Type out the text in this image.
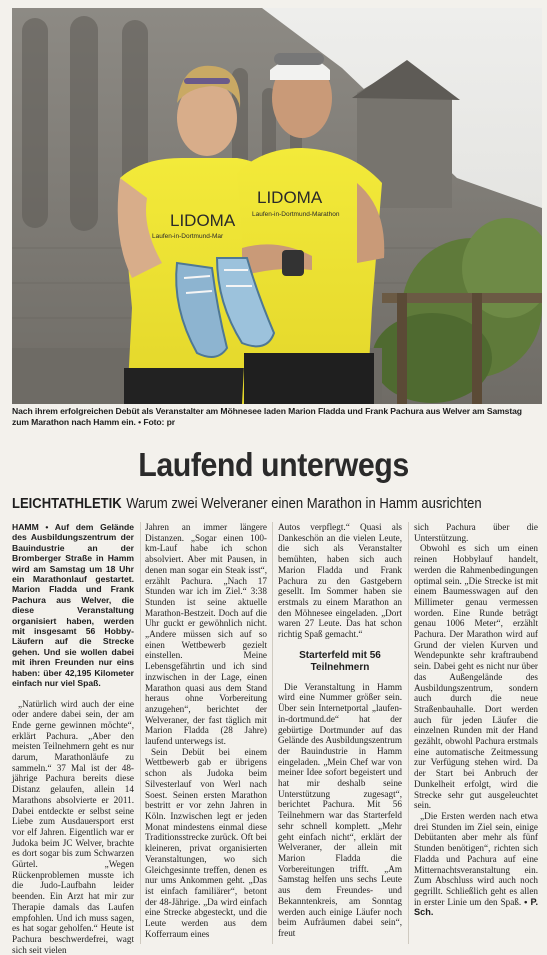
LIDOMA
Laufen-in-Dortmund-Mar
LIDOMA
Laufen-in-Dortmund-Marathon
Nach ihrem erfolgreichen Debüt als Veranstalter am Möhnesee laden Marion Fladda und Frank Pachura aus Welver am Samstag zum Marathon nach Hamm ein. • Foto: pr
Laufend unterwegs
LEICHTATHLETIK Warum zwei Welveraner einen Marathon in Hamm ausrichten

HAMM • Auf dem Gelände des Ausbildungszentrum der Bauindustrie an der Bromberger Straße in Hamm wird am Samstag um 18 Uhr ein Marathonlauf gestartet. Marion Fladda und Frank Pachura aus Welver, die diese Veranstaltung organisiert haben, werden mit insgesamt 56 Hobby-Läufern auf die Strecke gehen. Und sie wollen dabei mit ihren Freunden nur eins haben: über 42,195 Kilometer einfach nur viel Spaß.

„Natürlich wird auch der eine oder andere dabei sein, der am Ende gerne gewinnen möchte“, erklärt Pachura. „Aber den meisten Teilnehmern geht es nur darum, Marathonläufe zu sammeln.“ 37 Mal ist der 48-jährige Pachura bereits diese Distanz gelaufen, allein 14 Marathons absolvierte er 2011. Dabei entdeckte er selbst seine Liebe zum Ausdauersport erst vor elf Jahren. Eigentlich war er Judoka beim JC Welver, brachte es dort sogar bis zum Schwarzen Gürtel. „Wegen Rückenproblemen musste ich die Judo-Laufbahn leider beenden. Ein Arzt hat mir zur Therapie damals das Laufen empfohlen. Und ich muss sagen, es hat sogar geholfen.“ Heute ist Pachura beschwerdefrei, wagt sich seit vielen

Jahren an immer längere Distanzen. „Sogar einen 100-km-Lauf habe ich schon absolviert. Aber mit Pausen, in denen man sogar ein Steak isst“, erzählt Pachura. „Nach 17 Stunden war ich im Ziel.“ 3:38 Stunden ist seine aktuelle Marathon-Bestzeit. Doch auf die Uhr guckt er gewöhnlich nicht. „Andere müssen sich auf so einen Wettbewerb gezielt einstellen. Meine Lebensgefährtin und ich sind inzwischen in der Lage, einen Marathon quasi aus dem Stand heraus ohne Vorbereitung anzugehen“, berichtet der Welveraner, der fast täglich mit Marion Fladda (28 Jahre) laufend unterwegs ist.

Sein Debüt bei einem Wettbewerb gab er übrigens schon als Judoka beim Silvesterlauf von Werl nach Soest. Seinen ersten Marathon bestritt er vor zehn Jahren in Köln. Inzwischen legt er jeden Monat mindestens einmal diese Traditionsstrecke zurück. Oft bei kleineren, privat organisierten Veranstaltungen, wo sich Gleichgesinnte treffen, denen es nur ums Ankommen geht. „Das ist einfach familiärer“, betont der 48-Jährige. „Da wird einfach eine Strecke abgesteckt, und die Leute werden aus dem Kofferraum eines

Autos verpflegt.“ Quasi als Dankeschön an die vielen Leute, die sich als Veranstalter bemühten, haben sich auch Marion Fladda und Frank Pachura zu den Gastgebern gesellt. Im Sommer haben sie erstmals zu einem Marathon an den Möhnesee eingeladen. „Dort waren 27 Leute. Das hat schon richtig Spaß gemacht.“

Starterfeld mit 56 Teilnehmern

Die Veranstaltung in Hamm wird eine Nummer größer sein. Über sein Internetportal „laufen-in-dortmund.de“ hat der gebürtige Dortmunder auf das Gelände des Ausbildungszentrum der Bauindustrie in Hamm eingeladen. „Mein Chef war von meiner Idee sofort begeistert und hat mir deshalb seine Unterstützung zugesagt“, berichtet Pachura. Mit 56 Teilnehmern war das Starterfeld sehr schnell komplett. „Mehr geht einfach nicht“, erklärt der Welveraner, der allein mit Marion Fladda die Vorbereitungen trifft. „Am Samstag helfen uns sechs Leute aus dem Freundes- und Bekanntenkreis, am Sonntag werden auch einige Läufer noch beim Aufräumen dabei sein“, freut

sich Pachura über die Unterstützung.

Obwohl es sich um einen reinen Hobbylauf handelt, werden die Rahmenbedingungen optimal sein. „Die Strecke ist mit einem Baumesswagen auf den Millimeter genau vermessen worden. Eine Runde beträgt genau 1006 Meter“, erzählt Pachura. Der Marathon wird auf Grund der vielen Kurven und Wendepunkte sehr kraftraubend sein. Dabei geht es nicht nur über das Außengelände des Ausbildungszentrum, sondern auch durch die neue Straßenbauhalle. Dort werden auch für jeden Läufer die einzelnen Runden mit der Hand gezählt, obwohl Pachura erstmals eine automatische Zeitmessung zur Verfügung stehen wird. Da der Start bei Anbruch der Dunkelheit erfolgt, wird die Strecke sehr gut ausgeleuchtet sein.

„Die Ersten werden nach etwa drei Stunden im Ziel sein, einige Debütanten aber mehr als fünf Stunden benötigen“, richten sich Fladda und Pachura auf eine Mitternachtsveranstaltung ein. Zum Abschluss wird auch noch gegrillt. Schließlich geht es allen in erster Linie um den Spaß. • P. Sch.
